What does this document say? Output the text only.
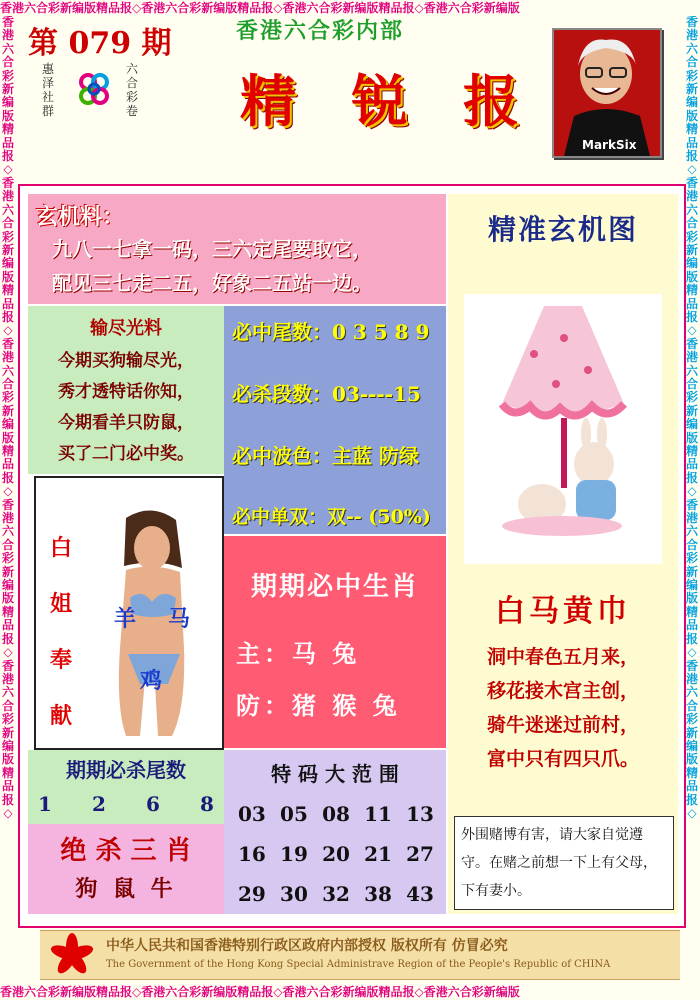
香港六合彩新编版精品报◇香港六合彩新编版精品报◇香港六合彩新编版精品报◇香港六合彩新编版
香港六合彩新编版精品报◇香港六合彩新编版精品报◇香港六合彩新编版精品报◇香港六合彩新编版
香港六合彩新编版精品报◇香港六合彩新编版精品报◇香港六合彩新编版精品报◇香港六合彩新编版精品报◇香港六合彩新编版精品报◇
香港六合彩新编版精品报◇香港六合彩新编版精品报◇香港六合彩新编版精品报◇香港六合彩新编版精品报◇香港六合彩新编版精品报◇
第 079 期	香港六合彩内部
精 锐 报
惠泽社群
六合彩卷
MarkSix
玄机料：
九八一七拿一码，三六定尾要取它，
配见三七走二五，好象二五站一边。
输尽光料
今期买狗输尽光，
秀才透特话你知，
今期看羊只防鼠，
买了二门必中奖。
必中尾数：0 3 5 8 9
必杀段数：03----15
必中波色：主蓝 防绿
必中单双：双-- (50%)
白
姐
奉
献
羊 马
鸡
期期必中生肖
主：马 兔
防：猪 猴 兔
期期必杀尾数
1 2 6 8
绝 杀 三 肖
狗 鼠 牛
特 码 大 范 围
03 05 08 11 13
16 19 20 21 27
29 30 32 38 43
精准玄机图
白马黄巾
洞中春色五月来，
移花接木宫主创，
骑牛迷迷过前村，
富中只有四只爪。
外围赌博有害，请大家自觉遵守。在赌之前想一下上有父母，下有妻小。
中华人民共和国香港特别行政区政府内部授权 版权所有 仿冒必究
The Government of the Hong Kong Special Administrave Region of the People's Republic of CHINA
